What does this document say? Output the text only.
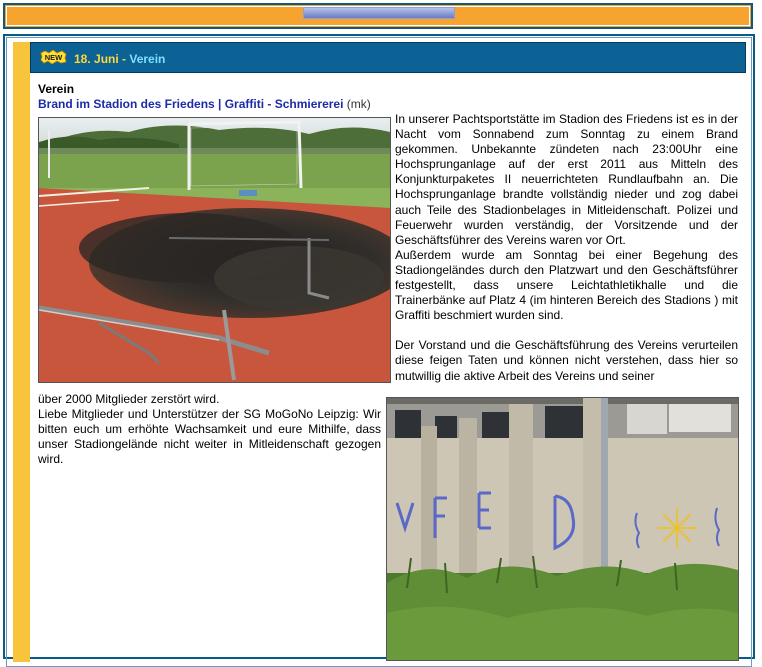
NEW 18. Juni - Verein
Verein
Brand im Stadion des Friedens | Graffiti - Schmiererei (mk)

In unserer Pachtsportstätte im Stadion des Friedens ist es in der Nacht vom Sonnabend zum Sonntag zu einem Brand gekommen. Unbekannte zündeten nach 23:00Uhr eine Hochsprunganlage auf der erst 2011 aus Mitteln des Konjunkturpaketes II neuerrichteten Rundlaufbahn an. Die Hochsprunganlage brandte vollständig nieder und zog dabei auch Teile des Stadionbelages in Mitleidenschaft. Polizei und Feuerwehr wurden verständig, der Vorsitzende und der Geschäftsführer des Vereins waren vor Ort.

Außerdem wurde am Sonntag bei einer Begehung des Stadiongeländes durch den Platzwart und den Geschäftsführer festgestellt, dass unsere Leichtathletikhalle und die Trainerbänke auf Platz 4 (im hinteren Bereich des Stadions ) mit Graffiti beschmiert wurden sind.

Der Vorstand und die Geschäftsführung des Vereins verurteilen diese feigen Taten und können nicht verstehen, dass hier so mutwillig die aktive Arbeit des Vereins und seiner

über 2000 Mitglieder zerstört wird.

Liebe Mitglieder und Unterstützer der SG MoGoNo Leipzig: Wir bitten euch um erhöhte Wachsamkeit und eure Mithilfe, dass unser Stadiongelände nicht weiter in Mitleidenschaft gezogen wird.
